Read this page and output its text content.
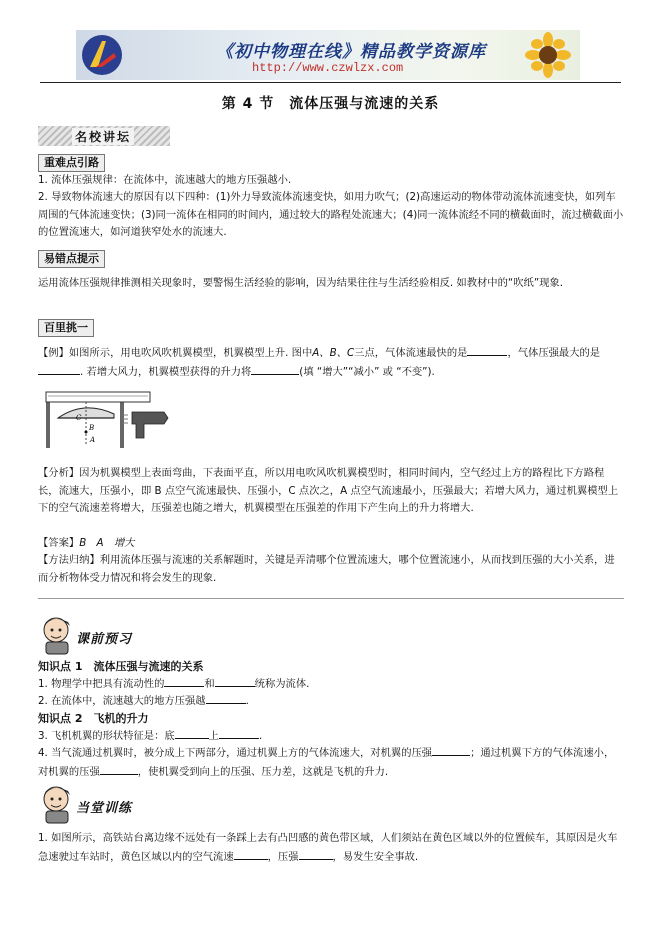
《初中物理在线》精品教学资源库
http://www.czwlzx.com
第 4 节　流体压强与流速的关系
名校讲坛
重难点引路
1. 流体压强规律：在流体中，流速越大的地方压强越小.
2. 导致物体流速大的原因有以下四种：(1)外力导致流体流速变快，如用力吹气；(2)高速运动的物体带动流体流速变快，如列车周围的气体流速变快；(3)同一流体在相同的时间内，通过较大的路程处流速大；(4)同一流体流经不同的横截面时，流过横截面小的位置流速大，如河道狭窄处水的流速大.
易错点提示
运用流体压强规律推测相关现象时，要警惕生活经验的影响，因为结果往往与生活经验相反. 如教材中的“吹纸”现象.
百里挑一
【例】如图所示，用电吹风吹机翼模型，机翼模型上升. 图中A、B、C三点，气体流速最快的是	，气体压强最大的是. 若增大风力，机翼模型获得的升力将	(填 “增大”“减小” 或 “不变”).
C
B
A
【分析】因为机翼模型上表面弯曲，下表面平直，所以用电吹风吹机翼模型时，相同时间内，空气经过上方的路程比下方路程长，流速大，压强小，即 B 点空气流速最快、压强小，C 点次之，A 点空气流速最小，压强最大；若增大风力，通过机翼模型上下的空气流速差将增大，压强差也随之增大，机翼模型在压强差的作用下产生向上的升力将增大.
【答案】B　A　增大
【方法归纳】利用流体压强与流速的关系解题时，关键是弄清哪个位置流速大，哪个位置流速小，从而找到压强的大小关系，进而分析物体受力情况和将会发生的现象.
课前预习
知识点 1　流体压强与流速的关系
1. 物理学中把具有流动性的	和	统称为流体.
2. 在流体中，流速越大的地方压强越	.
知识点 2　飞机的升力
3. 飞机机翼的形状特征是：底	上	.
4. 当气流通过机翼时，被分成上下两部分，通过机翼上方的气体流速大，对机翼的压强	；通过机翼下方的气体流速小，对机翼的压强	，使机翼受到向上的压强、压力差，这就是飞机的升力.
当堂训练
1. 如图所示，高铁站台离边缘不远处有一条踩上去有凸凹感的黄色带区域，人们须站在黄色区域以外的位置候车，其原因是火车急速驶过车站时，黄色区域以内的空气流速	，压强	，易发生安全事故.
